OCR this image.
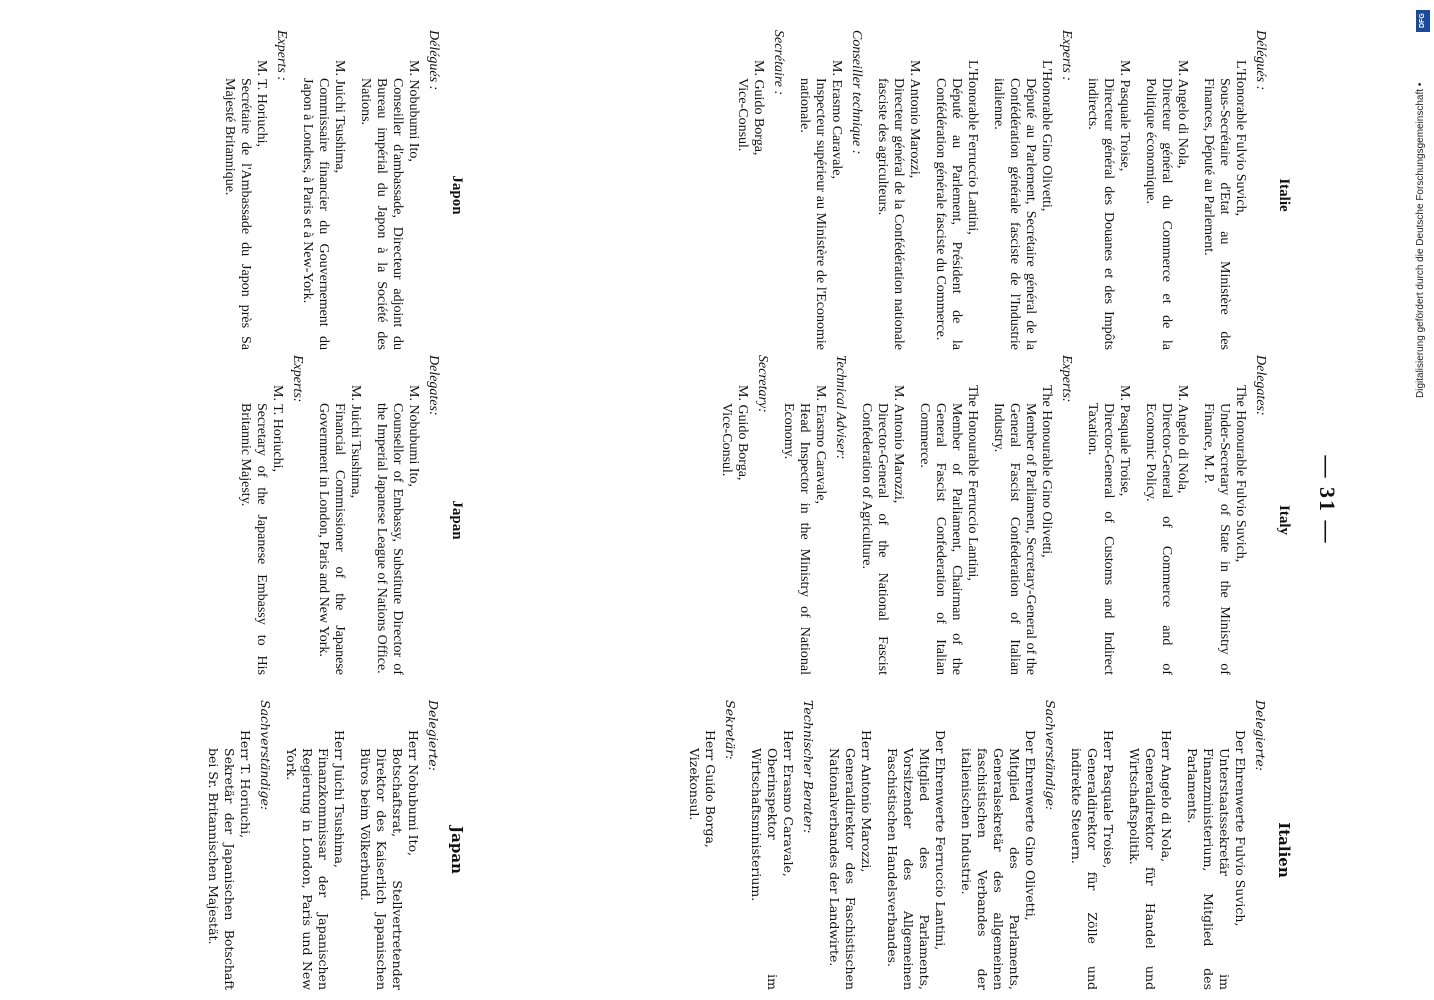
— 31 —
Italie
Délégués :
L'Honorable Fulvio Suvich,
Sous-Secrétaire d'Etat au Ministère des Finances, Député au Parlement.
M. Angelo di Nola,
Directeur général du Commerce et de la Politique économique.
M. Pasquale Troise,
Directeur général des Douanes et des Impôts indirects.
Experts :
L'Honorable Gino Olivetti,
Député au Parlement, Secrétaire général de la Confédération générale fasciste de l'Industrie italienne.
L'Honorable Ferruccio Lantini,
Député au Parlement, Président de la Confédération générale fasciste du Commerce.
M. Antonio Marozzi,
Directeur général de la Confédération nationale fasciste des agriculteurs.
Conseiller technique :
M. Erasmo Caravale,
Inspecteur supérieur au Ministère de l'Economie nationale.
Secrétaire :
M. Guido Borga,
Vice-Consul.
Italy
Delegates:
The Honourable Fulvio Suvich,
Under-Secretary of State in the Ministry of Finance, M. P.
M. Angelo di Nola,
Director-General of Commerce and of Economic Policy.
M. Pasquale Troise,
Director-General of Customs and Indirect Taxation.
Experts:
The Honourable Gino Olivetti,
Member of Parliament, Secretary-General of the General Fascist Confederation of Italian Industry.
The Honourable Ferruccio Lantini,
Member of Parliament, Chairman of the General Fascist Confederation of Italian Commerce.
M. Antonio Marozzi,
Director-General of the National Fascist Confederation of Agriculture.
Technical Adviser:
M. Erasmo Caravale,
Head Inspector in the Ministry of National Economy.
Secretary:
M. Guido Borga,
Vice-Consul.
Italien
Delegierte:
Der Ehrenwerte Fulvio Suvich,
Unterstaatssekretär im Finanzministerium, Mitglied des Parlaments.
Herr Angelo di Nola,
Generaldirektor für Handel und Wirtschaftspolitik.
Herr Pasquale Troise,
Generaldirektor für Zölle und indirekte Steuern.
Sachverständige:
Der Ehrenwerte Gino Olivetti,
Mitglied des Parlaments, Generalsekretär des allgemeinen faschistischen Verbandes der italienischen Industrie.
Der Ehrenwerte Ferruccio Lantini,
Mitglied des Parlaments, Vorsitzender des Allgemeinen Faschistischen Handelsverbandes.
Herr Antonio Marozzi,
Generaldirektor des Faschistischen Nationalverbandes der Landwirte.
Technischer Berater:
Herr Erasmo Caravale,
Oberinspektor im Wirtschaftsministerium.
Sekretär:
Herr Guido Borga,
Vizekonsul.
Japon
Délégués :
M. Nobubumi Ito,
Conseiller d'ambassade, Directeur adjoint du Bureau impérial du Japon à la Société des Nations.
M. Juichi Tsushima,
Commissaire financier du Gouvernement du Japon à Londres, à Paris et à New-York.
Experts :
M. T. Horiuchi,
Secrétaire de l'Ambassade du Japon près Sa Majesté Britannique.
Japan
Delegates:
M. Nobubumi Ito,
Counsellor of Embassy, Substitute Director of the Imperial Japanese League of Nations Office.
M. Juichi Tsushima,
Financial Commissioner of the Japanese Government in London, Paris and New York.
Experts:
M. T. Horiuchi,
Secretary of the Japanese Embassy to His Britannic Majesty.
Japan
Delegierte:
Herr Nobubumi Ito,
Botschaftsrat, Stellvertretender Direktor des Kaiserlich Japanischen Büros beim Völkerbund.
Herr Juichi Tsushima,
Finanzkommissar der Japanischen Regierung in London, Paris und New York.
Sachverständige:
Herr T. Horiuchi,
Sekretär der Japanischen Botschaft bei Sr. Britannischen Majestät.
DFG
Digitalisierung gefördert durch die Deutsche Forschungsgemeinschaft •
